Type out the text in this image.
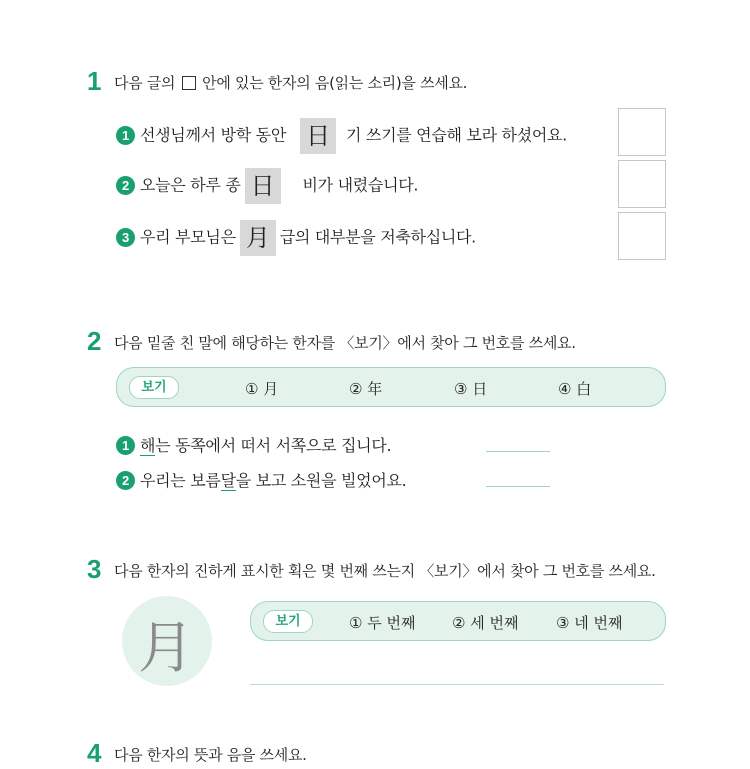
1 다음 글의 안에 있는 한자의 음(읽는 소리)을 쓰세요.
1 선생님께서 방학 동안 日 기 쓰기를 연습해 보라 하셨어요.
2 오늘은 하루 종 日 비가 내렸습니다.
3 우리 부모님은 月 급의 대부분을 저축하십니다.
2 다음 밑줄 친 말에 해당하는 한자를 〈보기〉에서 찾아 그 번호를 쓰세요.
보기	① 月	② 年	③ 日	④ 白
1 해는 동쪽에서 떠서 서쪽으로 집니다.
2 우리는 보름달을 보고 소원을 빌었어요.
3 다음 한자의 진하게 표시한 획은 몇 번째 쓰는지 〈보기〉에서 찾아 그 번호를 쓰세요.
月	보기	① 두 번째 ② 세 번째	③ 네 번째
4 다음 한자의 뜻과 음을 쓰세요.
